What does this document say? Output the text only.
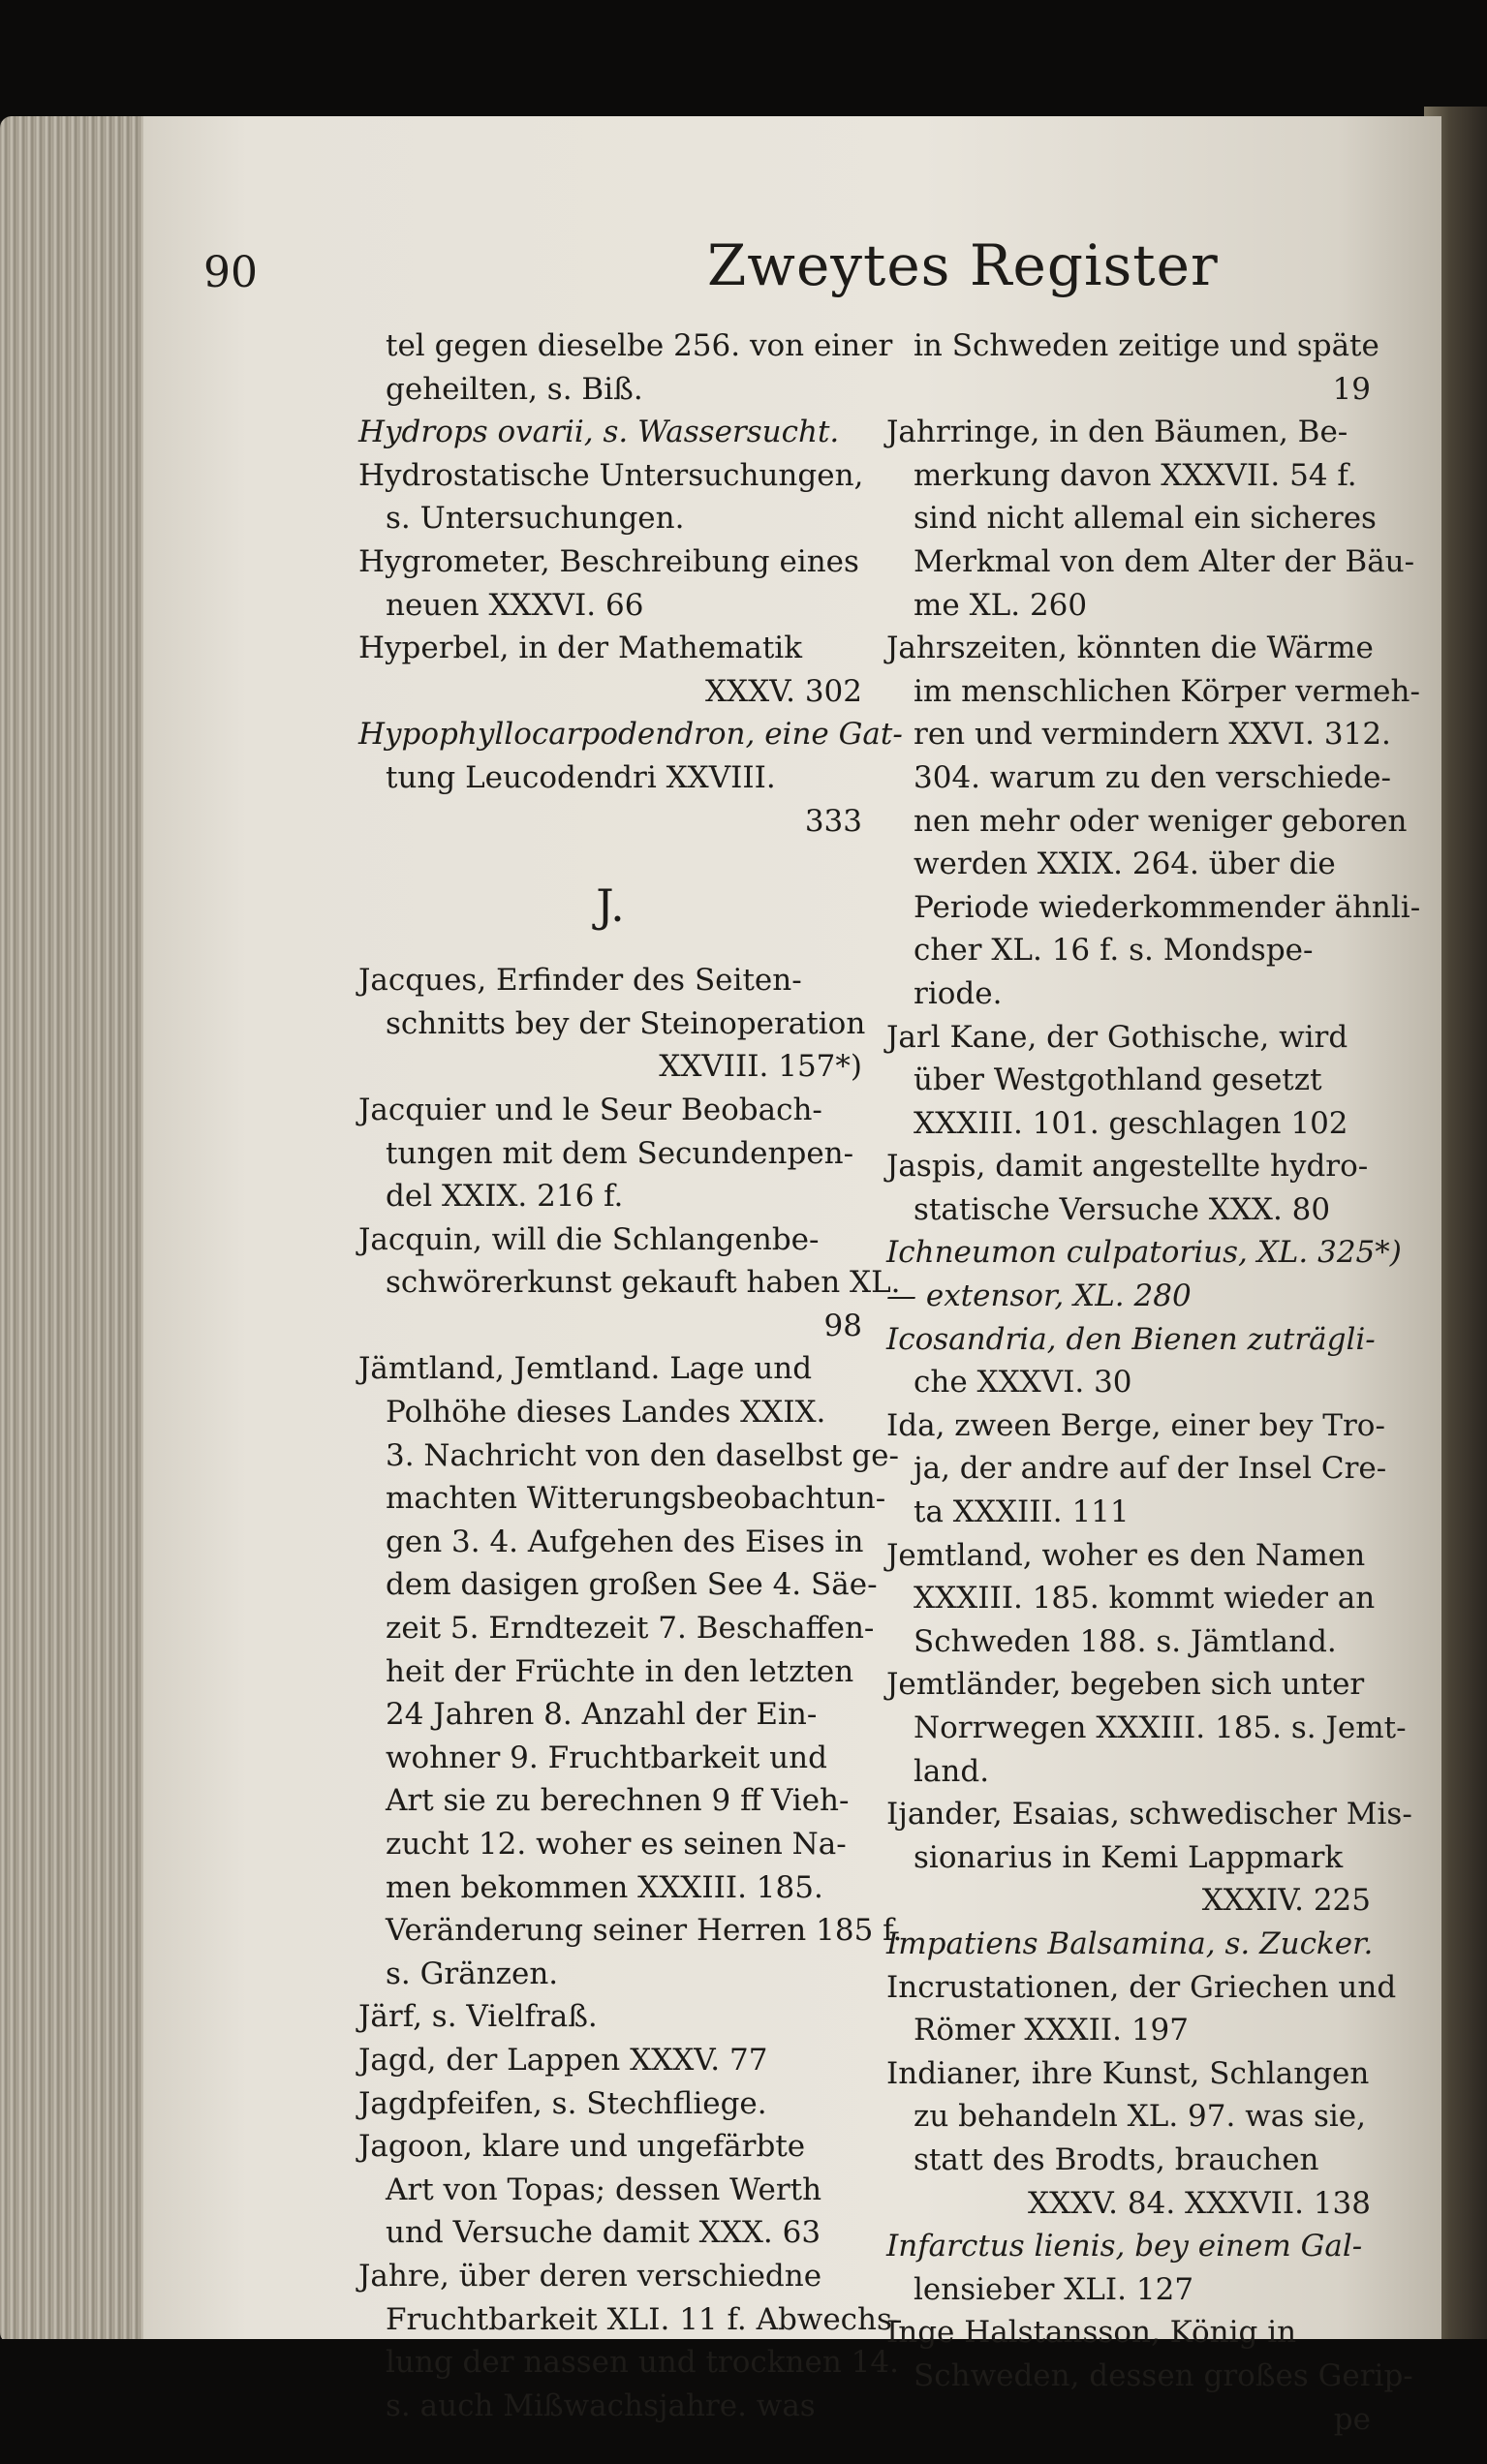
90	Zweytes Register
tel gegen dieselbe 256. von einer
geheilten, s. Biß.
Hydrops ovarii, s. Wassersucht.
Hydrostatische Untersuchungen,
s. Untersuchungen.
Hygrometer, Beschreibung eines
neuen XXXVI. 66
Hyperbel, in der Mathematik
XXXV. 302
Hypophyllocarpodendron, eine Gat-
tung Leucodendri XXVIII.
333
J.
Jacques, Erfinder des Seiten-
schnitts bey der Steinoperation
XXVIII. 157*)
Jacquier und le Seur Beobach-
tungen mit dem Secundenpen-
del XXIX. 216 f.
Jacquin, will die Schlangenbe-
schwörerkunst gekauft haben XL.
98
Jämtland, Jemtland. Lage und
Polhöhe dieses Landes XXIX.
3. Nachricht von den daselbst ge-
machten Witterungsbeobachtun-
gen 3. 4. Aufgehen des Eises in
dem dasigen großen See 4. Säe-
zeit 5. Erndtezeit 7. Beschaffen-
heit der Früchte in den letzten
24 Jahren 8. Anzahl der Ein-
wohner 9. Fruchtbarkeit und
Art sie zu berechnen 9 ff Vieh-
zucht 12. woher es seinen Na-
men bekommen XXXIII. 185.
Veränderung seiner Herren 185 f.
s. Gränzen.
Järf, s. Vielfraß.
Jagd, der Lappen XXXV. 77
Jagdpfeifen, s. Stechfliege.
Jagoon, klare und ungefärbte
Art von Topas; dessen Werth
und Versuche damit XXX. 63
Jahre, über deren verschiedne
Fruchtbarkeit XLI. 11 f. Abwechs-
lung der nassen und trocknen 14.
s. auch Mißwachsjahre. was
in Schweden zeitige und späte
19
Jahrringe, in den Bäumen, Be-
merkung davon XXXVII. 54 f.
sind nicht allemal ein sicheres
Merkmal von dem Alter der Bäu-
me XL. 260
Jahrszeiten, könnten die Wärme
im menschlichen Körper vermeh-
ren und vermindern XXVI. 312.
304. warum zu den verschiede-
nen mehr oder weniger geboren
werden XXIX. 264. über die
Periode wiederkommender ähnli-
cher XL. 16 f. s. Mondspe-
riode.
Jarl Kane, der Gothische, wird
über Westgothland gesetzt
XXXIII. 101. geschlagen 102
Jaspis, damit angestellte hydro-
statische Versuche XXX. 80
Ichneumon culpatorius, XL. 325*)
— extensor, XL. 280
Icosandria, den Bienen zuträgli-
che XXXVI. 30
Ida, zween Berge, einer bey Tro-
ja, der andre auf der Insel Cre-
ta XXXIII. 111
Jemtland, woher es den Namen
XXXIII. 185. kommt wieder an
Schweden 188. s. Jämtland.
Jemtländer, begeben sich unter
Norrwegen XXXIII. 185. s. Jemt-
land.
Ijander, Esaias, schwedischer Mis-
sionarius in Kemi Lappmark
XXXIV. 225
Impatiens Balsamina, s. Zucker.
Incrustationen, der Griechen und
Römer XXXII. 197
Indianer, ihre Kunst, Schlangen
zu behandeln XL. 97. was sie,
statt des Brodts, brauchen
XXXV. 84. XXXVII. 138
Infarctus lienis, bey einem Gal-
lensieber XLI. 127
Inge Halstansson, König in
Schweden, dessen großes Gerip-
pe
